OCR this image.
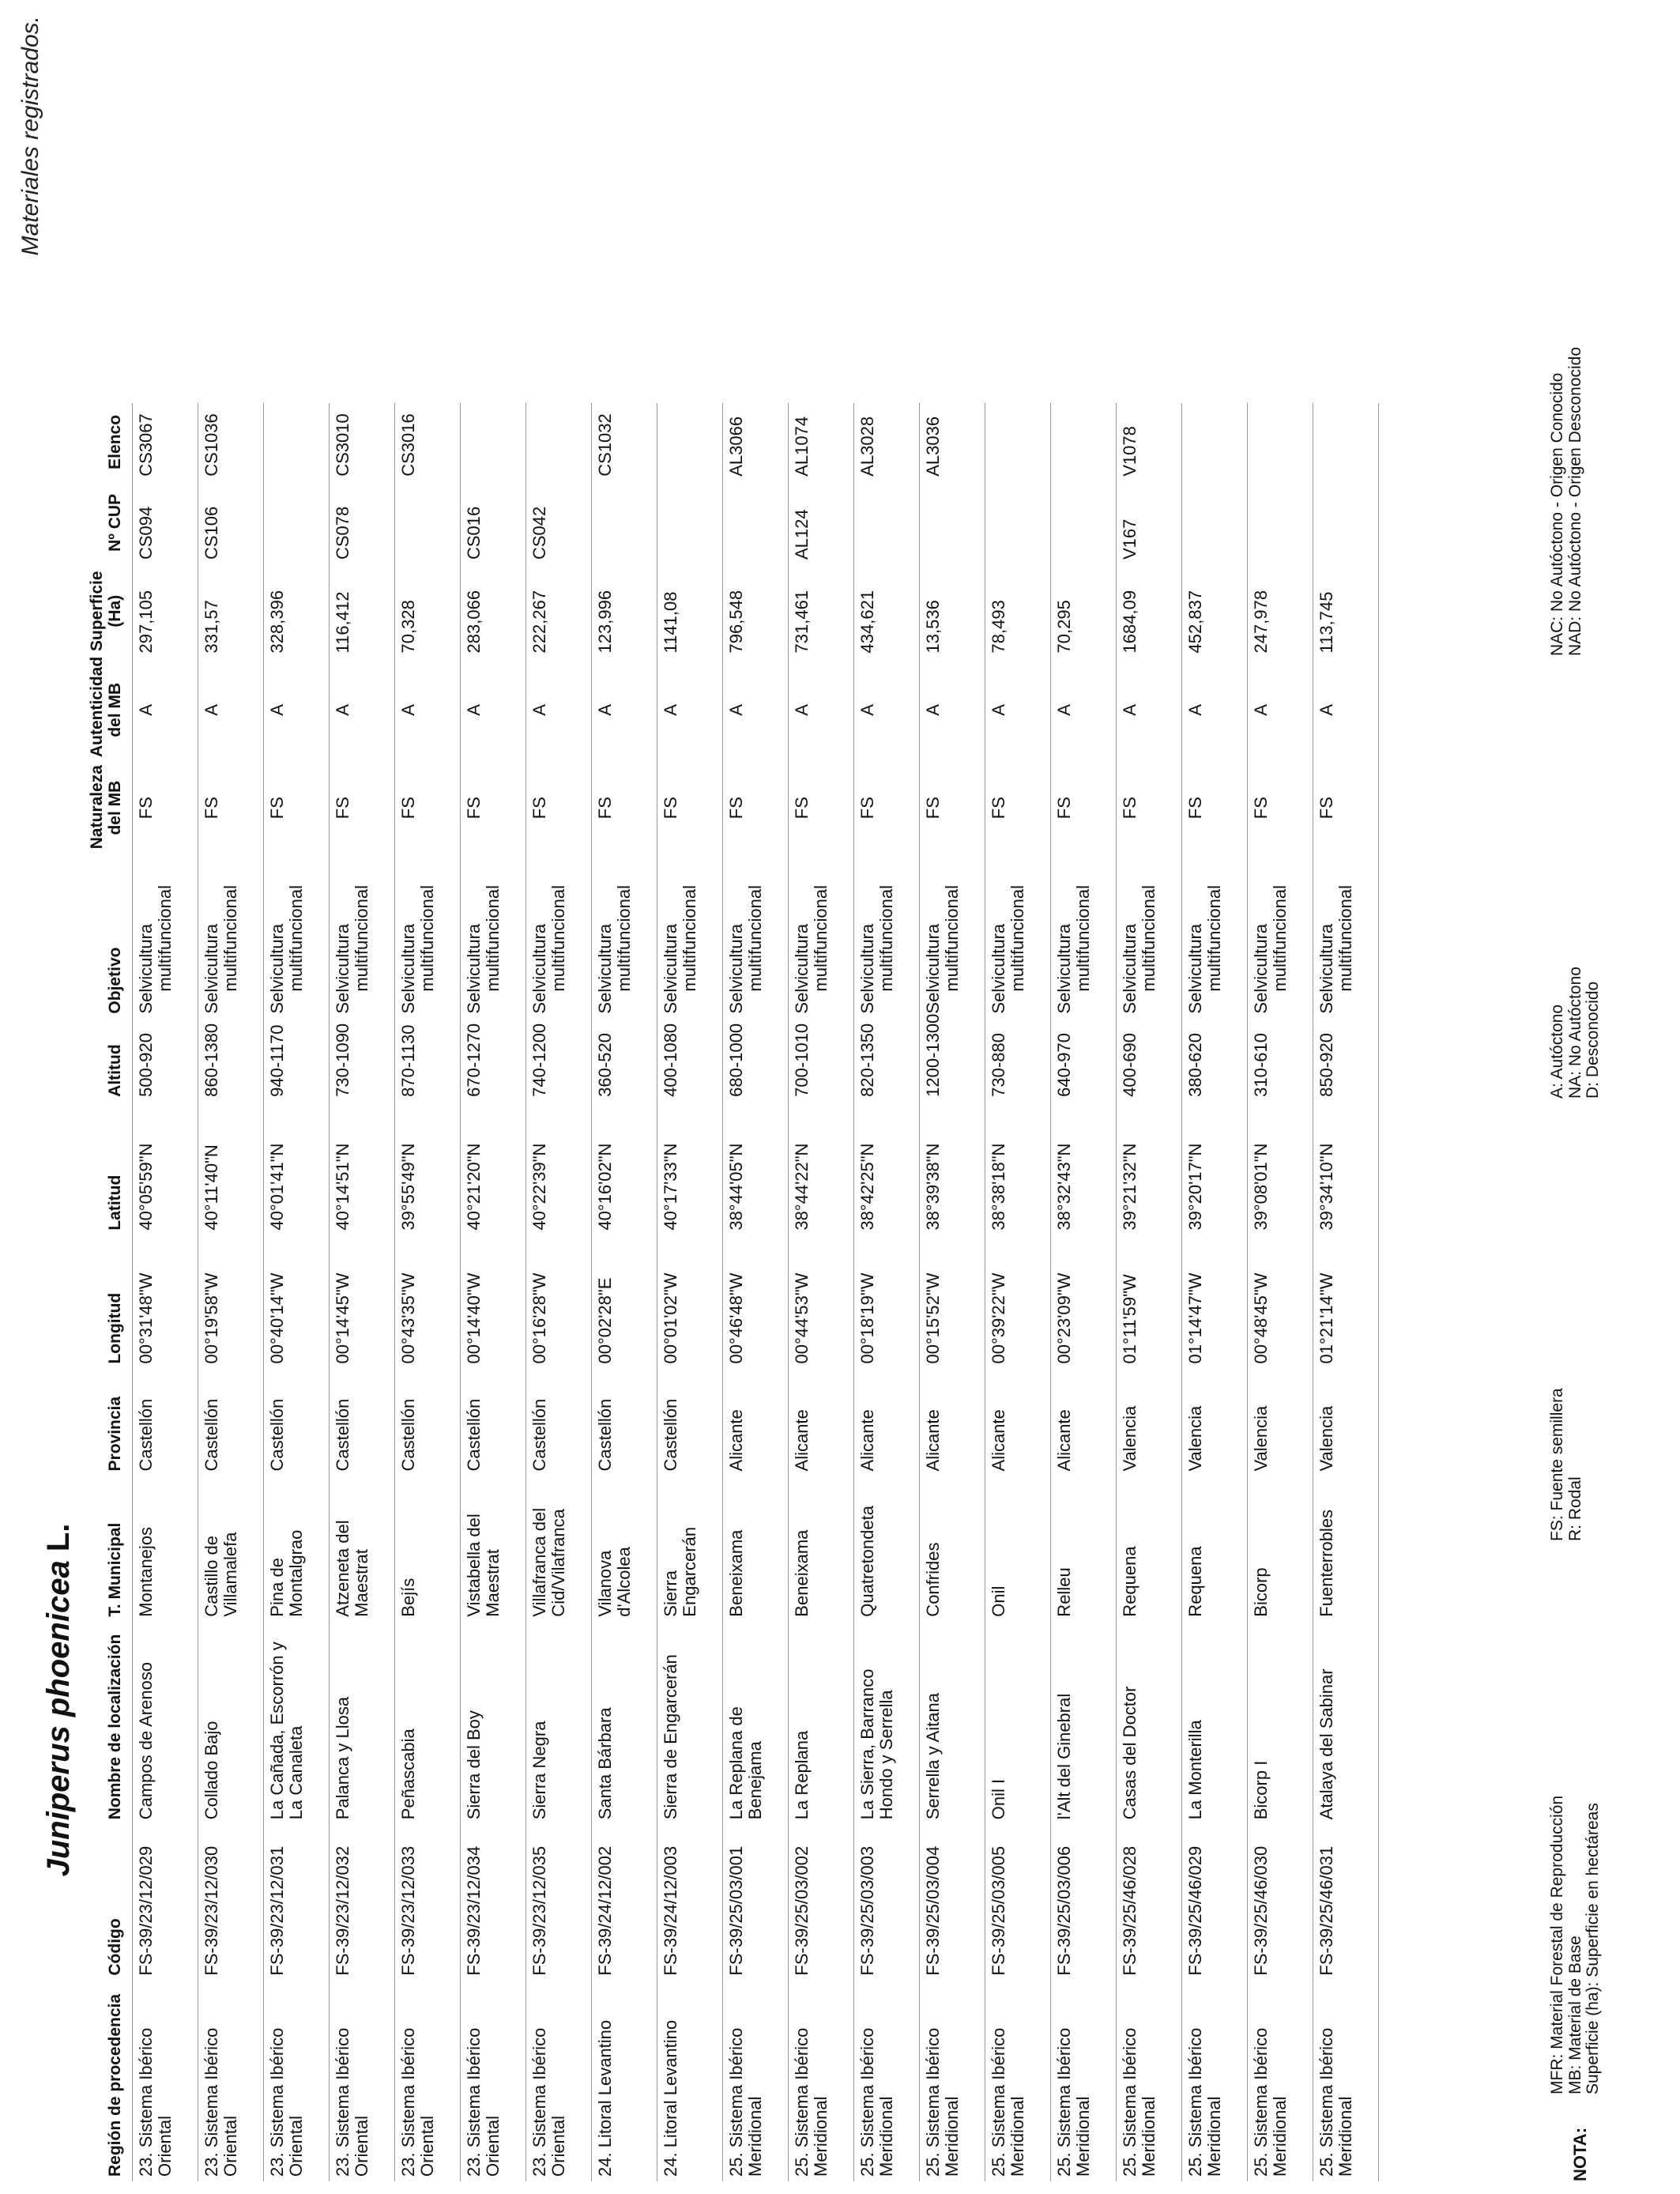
Materiales registrados.
Juniperus phoenicea L.
Región de procedencia	Código	Nombre de localización	T. Municipal	Provincia	Longitud	Latitud	Altitud	Objetivo	Naturaleza del MB	Autenticidad del MB	Superficie (Ha)	Nº CUP	Elenco
23. Sistema Ibérico Oriental	FS-39/23/12/029	Campos de Arenoso	Montanejos	Castellón	00°31'48"W	40°05'59"N	500-920	Selvicultura
multifuncional	FS	A	297,105	CS094	CS3067
23. Sistema Ibérico Oriental	FS-39/23/12/030	Collado Bajo	Castillo de Villamalefa	Castellón	00°19'58"W	40°11'40"N	860-1380	Selvicultura
multifuncional	FS	A	331,57	CS106	CS1036
23. Sistema Ibérico Oriental	FS-39/23/12/031	La Cañada, Escorrón y La Canaleta	Pina de Montalgrao	Castellón	00°40'14"W	40°01'41"N	940-1170	Selvicultura
multifuncional	FS	A	328,396		
23. Sistema Ibérico Oriental	FS-39/23/12/032	Palanca y Llosa	Atzeneta del Maestrat	Castellón	00°14'45"W	40°14'51"N	730-1090	Selvicultura
multifuncional	FS	A	116,412	CS078	CS3010
23. Sistema Ibérico Oriental	FS-39/23/12/033	Peñascabia	Bejís	Castellón	00°43'35"W	39°55'49"N	870-1130	Selvicultura
multifuncional	FS	A	70,328		CS3016
23. Sistema Ibérico Oriental	FS-39/23/12/034	Sierra del Boy	Vistabella del Maestrat	Castellón	00°14'40"W	40°21'20"N	670-1270	Selvicultura
multifuncional	FS	A	283,066	CS016	
23. Sistema Ibérico Oriental	FS-39/23/12/035	Sierra Negra	Villafranca del Cid/Vilafranca	Castellón	00°16'28"W	40°22'39"N	740-1200	Selvicultura
multifuncional	FS	A	222,267	CS042	
24. Litoral Levantino	FS-39/24/12/002	Santa Bárbara	Vilanova d'Alcolea	Castellón	00°02'28"E	40°16'02"N	360-520	Selvicultura
multifuncional	FS	A	123,996		CS1032
24. Litoral Levantino	FS-39/24/12/003	Sierra de Engarcerán	Sierra Engarcerán	Castellón	00°01'02"W	40°17'33"N	400-1080	Selvicultura
multifuncional	FS	A	1141,08		
25. Sistema Ibérico Meridional	FS-39/25/03/001	La Replana de Benejama	Beneixama	Alicante	00°46'48"W	38°44'05"N	680-1000	Selvicultura
multifuncional	FS	A	796,548		AL3066
25. Sistema Ibérico Meridional	FS-39/25/03/002	La Replana	Beneixama	Alicante	00°44'53"W	38°44'22"N	700-1010	Selvicultura
multifuncional	FS	A	731,461	AL124	AL1074
25. Sistema Ibérico Meridional	FS-39/25/03/003	La Sierra, Barranco Hondo y Serrella	Quatretondeta	Alicante	00°18'19"W	38°42'25"N	820-1350	Selvicultura
multifuncional	FS	A	434,621		AL3028
25. Sistema Ibérico Meridional	FS-39/25/03/004	Serrella y Aitana	Confrides	Alicante	00°15'52"W	38°39'38"N	1200-1300	Selvicultura
multifuncional	FS	A	13,536		AL3036
25. Sistema Ibérico Meridional	FS-39/25/03/005	Onil I	Onil	Alicante	00°39'22"W	38°38'18"N	730-880	Selvicultura
multifuncional	FS	A	78,493		
25. Sistema Ibérico Meridional	FS-39/25/03/006	l'Alt del Ginebral	Relleu	Alicante	00°23'09"W	38°32'43"N	640-970	Selvicultura
multifuncional	FS	A	70,295		
25. Sistema Ibérico Meridional	FS-39/25/46/028	Casas del Doctor	Requena	Valencia	01°11'59"W	39°21'32"N	400-690	Selvicultura
multifuncional	FS	A	1684,09	V167	V1078
25. Sistema Ibérico Meridional	FS-39/25/46/029	La Monterilla	Requena	Valencia	01°14'47"W	39°20'17"N	380-620	Selvicultura
multifuncional	FS	A	452,837		
25. Sistema Ibérico Meridional	FS-39/25/46/030	Bicorp I	Bicorp	Valencia	00°48'45"W	39°08'01"N	310-610	Selvicultura
multifuncional	FS	A	247,978		
25. Sistema Ibérico Meridional	FS-39/25/46/031	Atalaya del Sabinar	Fuenterrobles	Valencia	01°21'14"W	39°34'10"N	850-920	Selvicultura
multifuncional	FS	A	113,745		
NOTA:
MFR: Material Forestal de Reproducción MB: Material de Base Superficie (ha): Superficie en hectáreas
FS: Fuente semillera R: Rodal
A: Autóctono NA: No Autóctono D: Desconocido
NAC: No Autóctono - Origen Conocido NAD: No Autóctono - Origen Desconocido
